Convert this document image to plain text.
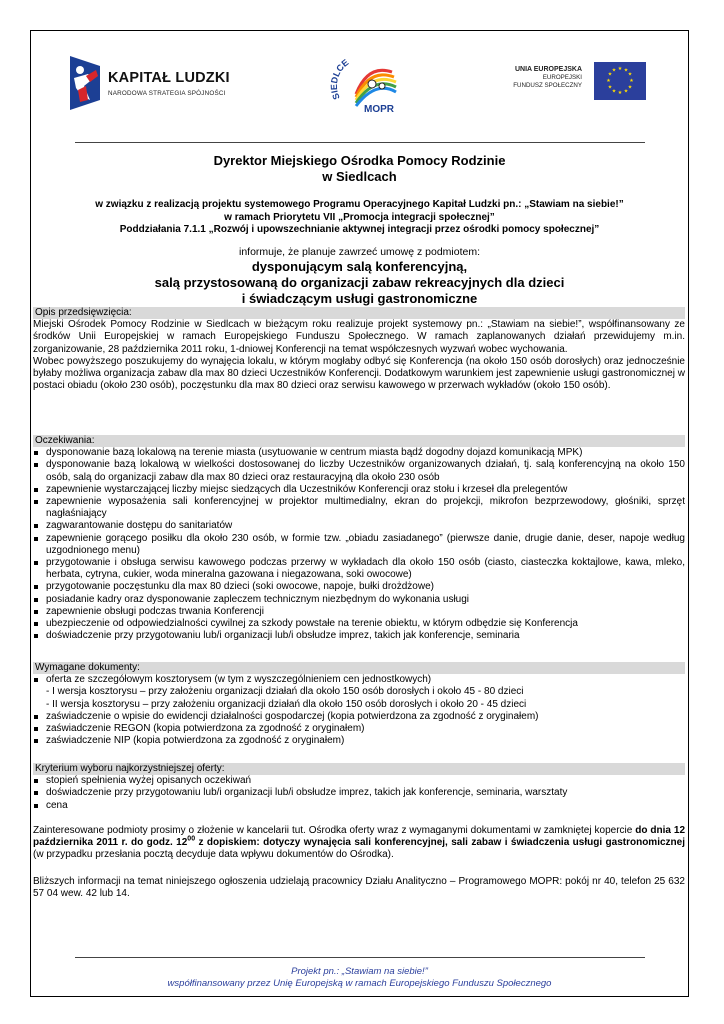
KAPITAŁ LUDZKI
NARODOWA STRATEGIA SPÓJNOŚCI	SIEDLCE
MOPR
UNIA EUROPEJSKA
EUROPEJSKI
FUNDUSZ SPOŁECZNY
★ ★
★
★
★
★
★
★
★
★
★
★
Dyrektor Miejskiego Ośrodka Pomocy Rodzinie
w Siedlcach
w związku z realizacją projektu systemowego Programu Operacyjnego Kapitał Ludzki pn.: „Stawiam na siebie!”
w ramach Priorytetu VII „Promocja integracji społecznej”
Poddziałania 7.1.1 „Rozwój i upowszechnianie aktywnej integracji przez ośrodki pomocy społecznej”
informuje, że planuje zawrzeć umowę z podmiotem:
dysponującym salą konferencyjną,
salą przystosowaną do organizacji zabaw rekreacyjnych dla dzieci
i świadczącym usługi gastronomiczne
Opis przedsięwzięcia:
Miejski Ośrodek Pomocy Rodzinie w Siedlcach w bieżącym roku realizuje projekt systemowy pn.: „Stawiam na siebie!”, współfinansowany ze środków Unii Europejskiej w ramach Europejskiego Funduszu Społecznego. W ramach zaplanowanych działań przewidujemy m.in. zorganizowanie, 28 października 2011 roku, 1-dniowej Konferencji na temat współczesnych wyzwań wobec wychowania.
Wobec powyższego poszukujemy do wynajęcia lokalu, w którym mogłaby odbyć się Konferencja (na około 150 osób dorosłych) oraz jednocześnie byłaby możliwa organizacja zabaw dla max 80 dzieci Uczestników Konferencji. Dodatkowym warunkiem jest zapewnienie usługi gastronomicznej w postaci obiadu (około 230 osób), poczęstunku dla max 80 dzieci oraz serwisu kawowego w przerwach wykładów (około 150 osób).
Oczekiwania:
dysponowanie bazą lokalową na terenie miasta (usytuowanie w centrum miasta bądź dogodny dojazd komunikacją MPK)
dysponowanie bazą lokalową w wielkości dostosowanej do liczby Uczestników organizowanych działań, tj. salą konferencyjną na około 150 osób, salą do organizacji zabaw dla max 80 dzieci oraz restauracyjną dla około 230 osób
zapewnienie wystarczającej liczby miejsc siedzących dla Uczestników Konferencji oraz stołu i krzeseł dla prelegentów
zapewnienie wyposażenia sali konferencyjnej w projektor multimedialny, ekran do projekcji, mikrofon bezprzewodowy, głośniki, sprzęt nagłaśniający
zagwarantowanie dostępu do sanitariatów
zapewnienie gorącego posiłku dla około 230 osób, w formie tzw. „obiadu zasiadanego” (pierwsze danie, drugie danie, deser, napoje według uzgodnionego menu)
przygotowanie i obsługa serwisu kawowego podczas przerwy w wykładach dla około 150 osób (ciasto, ciasteczka koktajlowe, kawa, mleko, herbata, cytryna, cukier, woda mineralna gazowana i niegazowana, soki owocowe)
przygotowanie poczęstunku dla max 80 dzieci (soki owocowe, napoje, bułki drożdżowe)
posiadanie kadry oraz dysponowanie zapleczem technicznym niezbędnym do wykonania usługi
zapewnienie obsługi podczas trwania Konferencji
ubezpieczenie od odpowiedzialności cywilnej za szkody powstałe na terenie obiektu, w którym odbędzie się Konferencja
doświadczenie przy przygotowaniu lub/i organizacji lub/i obsłudze imprez, takich jak konferencje, seminaria
Wymagane dokumenty:
oferta ze szczegółowym kosztorysem (w tym z wyszczególnieniem cen jednostkowych)
- I wersja kosztorysu – przy założeniu organizacji działań dla około 150 osób dorosłych i około 45 - 80 dzieci
- II wersja kosztorysu – przy założeniu organizacji działań dla około 150 osób dorosłych i około 20 - 45 dzieci
zaświadczenie o wpisie do ewidencji działalności gospodarczej (kopia potwierdzona za zgodność z oryginałem)
zaświadczenie REGON (kopia potwierdzona za zgodność z oryginałem)
zaświadczenie NIP (kopia potwierdzona za zgodność z oryginałem)
Kryterium wyboru najkorzystniejszej oferty:
stopień spełnienia wyżej opisanych oczekiwań
doświadczenie przy przygotowaniu lub/i organizacji lub/i obsłudze imprez, takich jak konferencje, seminaria, warsztaty
cena
Zainteresowane podmioty prosimy o złożenie w kancelarii tut. Ośrodka oferty wraz z wymaganymi dokumentami w zamkniętej kopercie do dnia 12 października 2011 r. do godz. $12^{00}$ z dopiskiem: dotyczy wynajęcia sali konferencyjnej, sali zabaw i świadczenia usługi gastronomicznej (w przypadku przesłania pocztą decyduje data wpływu dokumentów do Ośrodka).
Bliższych informacji na temat niniejszego ogłoszenia udzielają pracownicy Działu Analityczno – Programowego MOPR: pokój nr 40, telefon 25 632 57 04 wew. 42 lub 14.
Projekt pn.: „Stawiam na siebie!”
współfinansowany przez Unię Europejską w ramach Europejskiego Funduszu Społecznego
